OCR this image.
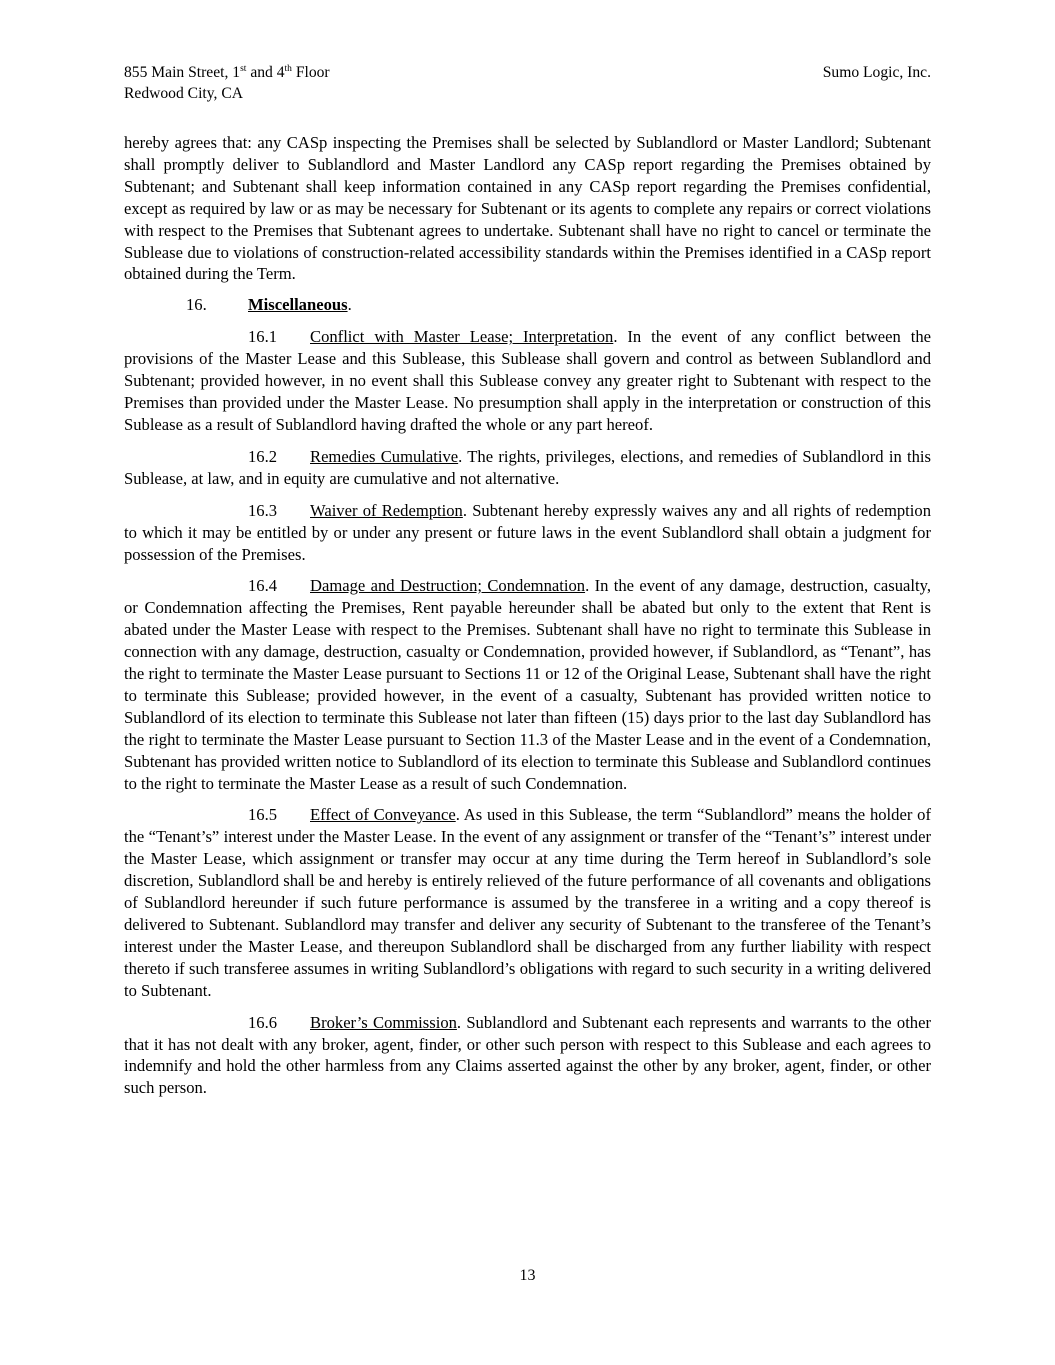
855 Main Street, 1st and 4th Floor
Redwood City, CA
Sumo Logic, Inc.

hereby agrees that: any CASp inspecting the Premises shall be selected by Sublandlord or Master Landlord; Subtenant shall promptly deliver to Sublandlord and Master Landlord any CASp report regarding the Premises obtained by Subtenant; and Subtenant shall keep information contained in any CASp report regarding the Premises confidential, except as required by law or as may be necessary for Subtenant or its agents to complete any repairs or correct violations with respect to the Premises that Subtenant agrees to undertake. Subtenant shall have no right to cancel or terminate the Sublease due to violations of construction-related accessibility standards within the Premises identified in a CASp report obtained during the Term.

16. Miscellaneous.

16.1 Conflict with Master Lease; Interpretation. In the event of any conflict between the provisions of the Master Lease and this Sublease, this Sublease shall govern and control as between Sublandlord and Subtenant; provided however, in no event shall this Sublease convey any greater right to Subtenant with respect to the Premises than provided under the Master Lease. No presumption shall apply in the interpretation or construction of this Sublease as a result of Sublandlord having drafted the whole or any part hereof.

16.2 Remedies Cumulative. The rights, privileges, elections, and remedies of Sublandlord in this Sublease, at law, and in equity are cumulative and not alternative.

16.3 Waiver of Redemption. Subtenant hereby expressly waives any and all rights of redemption to which it may be entitled by or under any present or future laws in the event Sublandlord shall obtain a judgment for possession of the Premises.

16.4 Damage and Destruction; Condemnation. In the event of any damage, destruction, casualty, or Condemnation affecting the Premises, Rent payable hereunder shall be abated but only to the extent that Rent is abated under the Master Lease with respect to the Premises. Subtenant shall have no right to terminate this Sublease in connection with any damage, destruction, casualty or Condemnation, provided however, if Sublandlord, as “Tenant”, has the right to terminate the Master Lease pursuant to Sections 11 or 12 of the Original Lease, Subtenant shall have the right to terminate this Sublease; provided however, in the event of a casualty, Subtenant has provided written notice to Sublandlord of its election to terminate this Sublease not later than fifteen (15) days prior to the last day Sublandlord has the right to terminate the Master Lease pursuant to Section 11.3 of the Master Lease and in the event of a Condemnation, Subtenant has provided written notice to Sublandlord of its election to terminate this Sublease and Sublandlord continues to the right to terminate the Master Lease as a result of such Condemnation.

16.5 Effect of Conveyance. As used in this Sublease, the term “Sublandlord” means the holder of the “Tenant’s” interest under the Master Lease. In the event of any assignment or transfer of the “Tenant’s” interest under the Master Lease, which assignment or transfer may occur at any time during the Term hereof in Sublandlord’s sole discretion, Sublandlord shall be and hereby is entirely relieved of the future performance of all covenants and obligations of Sublandlord hereunder if such future performance is assumed by the transferee in a writing and a copy thereof is delivered to Subtenant. Sublandlord may transfer and deliver any security of Subtenant to the transferee of the Tenant’s interest under the Master Lease, and thereupon Sublandlord shall be discharged from any further liability with respect thereto if such transferee assumes in writing Sublandlord’s obligations with regard to such security in a writing delivered to Subtenant.

16.6 Broker’s Commission. Sublandlord and Subtenant each represents and warrants to the other that it has not dealt with any broker, agent, finder, or other such person with respect to this Sublease and each agrees to indemnify and hold the other harmless from any Claims asserted against the other by any broker, agent, finder, or other such person.

13
